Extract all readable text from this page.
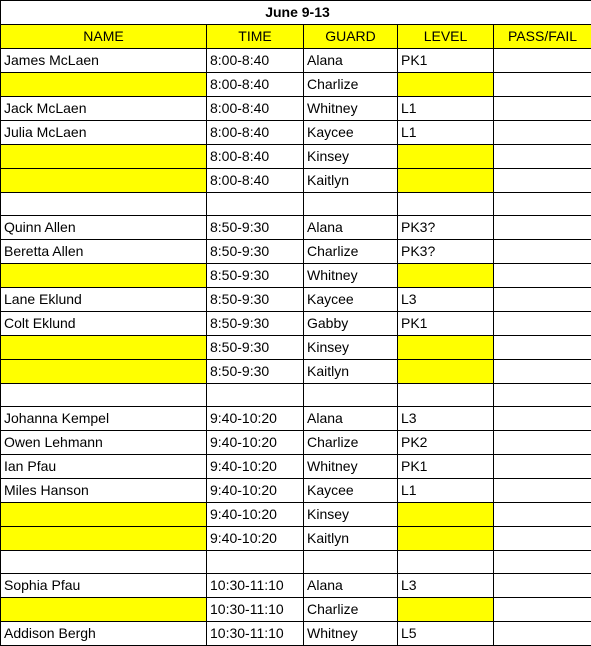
June 9-13				
NAME	TIME	GUARD	LEVEL	PASS/FAIL
James McLaen	8:00-8:40	Alana	PK1	
	8:00-8:40	Charlize		
Jack McLaen	8:00-8:40	Whitney	L1	
Julia McLaen	8:00-8:40	Kaycee	L1	
	8:00-8:40	Kinsey		
	8:00-8:40	Kaitlyn		

Quinn Allen	8:50-9:30	Alana	PK3?	
Beretta Allen	8:50-9:30	Charlize	PK3?	
	8:50-9:30	Whitney		
Lane Eklund	8:50-9:30	Kaycee	L3	
Colt Eklund	8:50-9:30	Gabby	PK1	
	8:50-9:30	Kinsey		
	8:50-9:30	Kaitlyn		

Johanna Kempel	9:40-10:20	Alana	L3	
Owen Lehmann	9:40-10:20	Charlize	PK2	
Ian Pfau	9:40-10:20	Whitney	PK1	
Miles Hanson	9:40-10:20	Kaycee	L1	
	9:40-10:20	Kinsey		
	9:40-10:20	Kaitlyn		

Sophia Pfau	10:30-11:10	Alana	L3	
	10:30-11:10	Charlize		
Addison Bergh	10:30-11:10	Whitney	L5	
